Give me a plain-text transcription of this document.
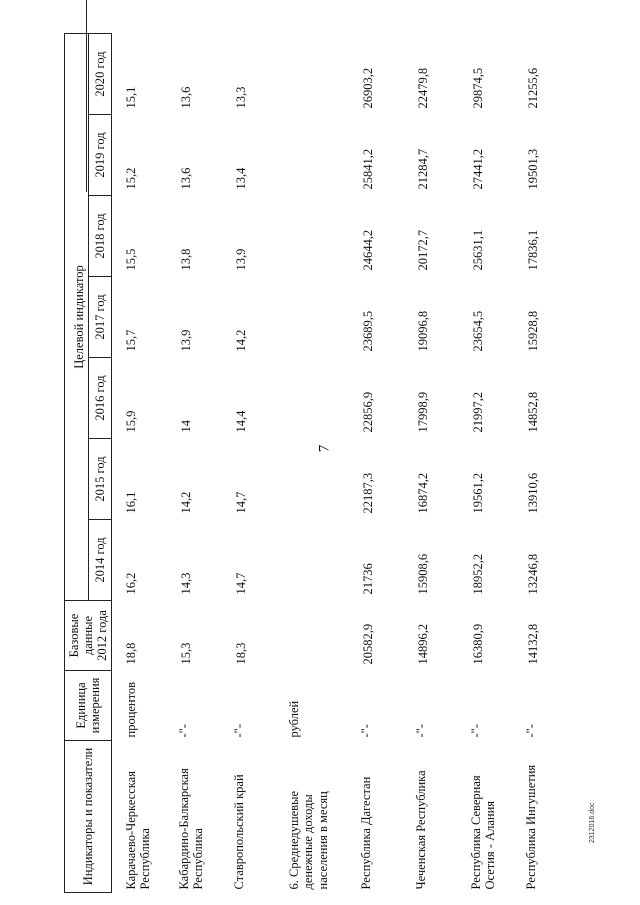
7
Индикаторы и показатели	Единица измерения	Базовые данные 2012 года	Целевой индикатор						

			2014 год	2015 год	2016 год	2017 год	2018 год	2019 год	2020 год
Карачаево-Черкесская Республика	процентов	18,8	16,2	16,1	15,9	15,7	15,5	15,2	15,1
Кабардино-Балкарская Республика	-"-	15,3	14,3	14,2	14	13,9	13,8	13,6	13,6
Ставропольский край	-"-	18,3	14,7	14,7	14,4	14,2	13,9	13,4	13,3
6. Среднедушевые денежные доходы населения в месяц	рублей								
Республика Дагестан	-"-	20582,9	21736	22187,3	22856,9	23689,5	24644,2	25841,2	26903,2
Чеченская Республика	-"-	14896,2	15908,6	16874,2	17998,9	19096,8	20172,7	21284,7	22479,8
Республика Северная Осетия - Алания	-"-	16380,9	18952,2	19561,2	21997,2	23654,5	25631,1	27441,2	29874,5
Республика Ингушетия	-"-	14132,8	13246,8	13910,6	14852,8	15928,8	17836,1	19501,3	21255,6
2312016.doc
